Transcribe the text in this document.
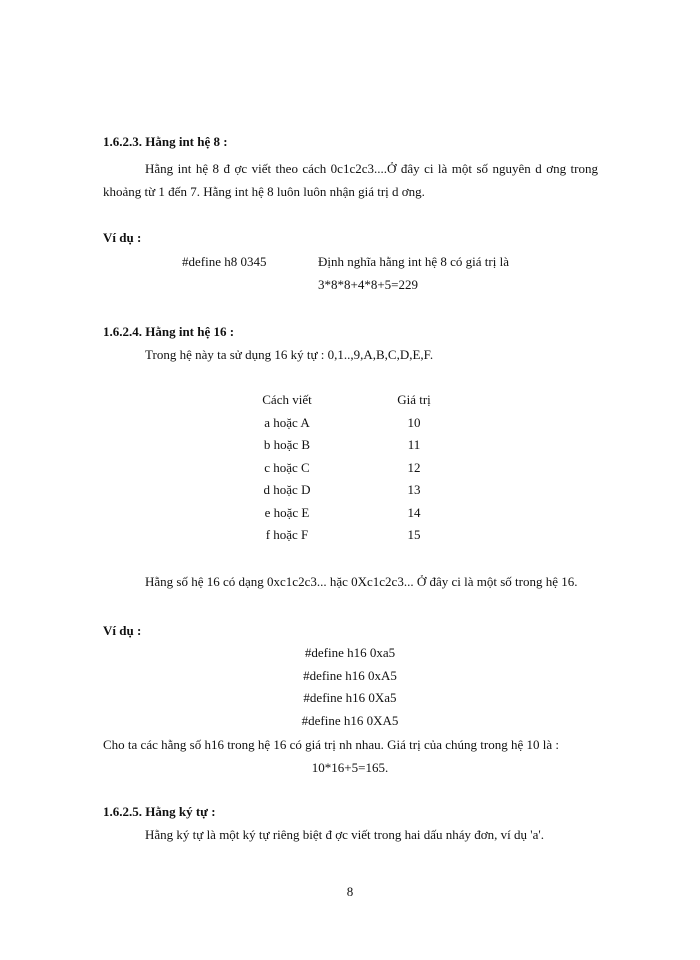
1.6.2.3. Hằng int hệ 8 :
Hằng int hệ 8 đ ợc viết theo cách 0c1c2c3....Ở đây ci là một số nguyên d ơng trong khoảng từ 1 đến 7. Hằng int hệ 8 luôn luôn nhận giá trị d ơng.
Ví dụ :
#define h8 0345	Định nghĩa hằng int hệ 8 có giá trị là
3*8*8+4*8+5=229
1.6.2.4. Hằng int hệ 16 :
Trong hệ này ta sử dụng 16 ký tự : 0,1..,9,A,B,C,D,E,F.
Cách viết	Giá trị
a hoặc A	10
b hoặc B	11
c hoặc C	12
d hoặc D	13
e hoặc E	14
f hoặc F	15
Hằng số hệ 16 có dạng 0xc1c2c3... hặc 0Xc1c2c3... Ở đây ci là một số trong hệ 16.
Ví dụ :
#define h16 0xa5
#define h16 0xA5
#define h16 0Xa5
#define h16 0XA5
Cho ta các hằng số h16 trong hệ 16 có giá trị nh nhau. Giá trị của chúng trong hệ 10 là :
10*16+5=165.
1.6.2.5. Hằng ký tự :
Hằng ký tự là một ký tự riêng biệt đ ợc viết trong hai dấu nháy đơn, ví dụ 'a'.
8
